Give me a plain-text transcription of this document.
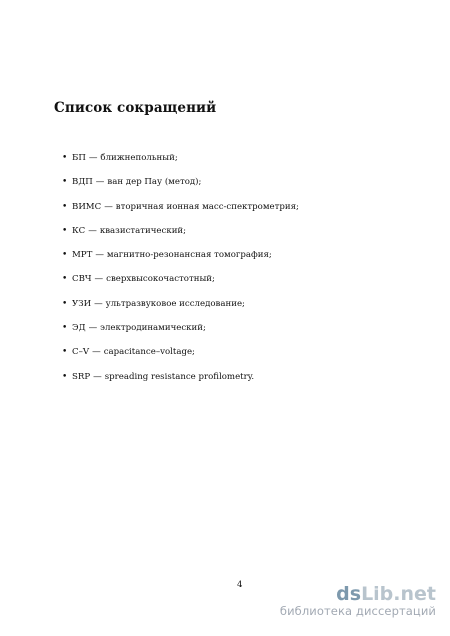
Список сокращений
• БП — ближнепольный;
• ВДП — ван дер Пау (метод);
• ВИМС — вторичная ионная масс-спектрометрия;
• КС — квазистатический;
• МРТ — магнитно-резонансная томография;
• СВЧ — сверхвысокочастотный;
• УЗИ — ультразвуковое исследование;
• ЭД — электродинамический;
• C–V — capacitance–voltage;
• SRP — spreading resistance profilometry.
4	dsLib.net
библиотека диссертаций
